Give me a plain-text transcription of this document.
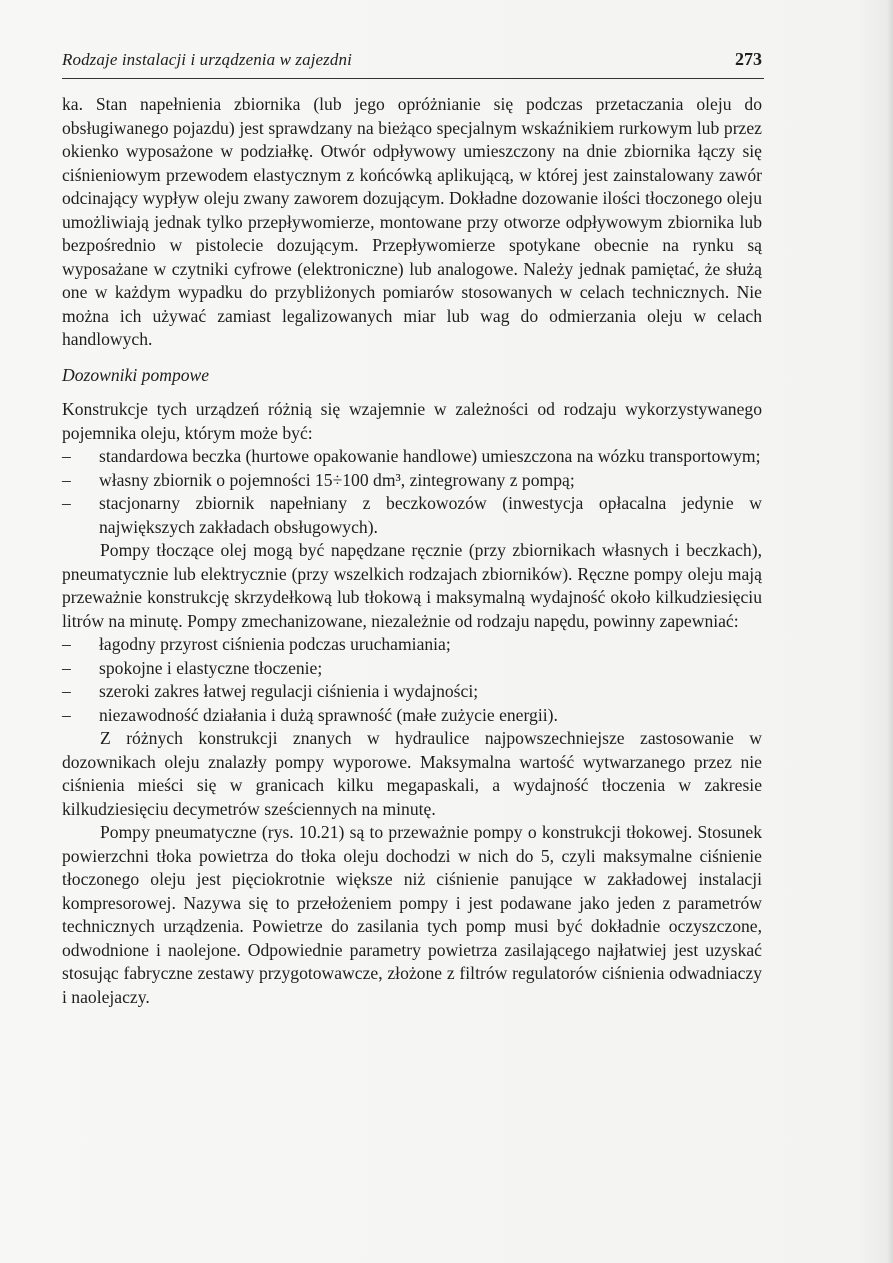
Rodzaje instalacji i urządzenia w zajezdni	273

ka. Stan napełnienia zbiornika (lub jego opróżnianie się podczas przetaczania oleju do obsługiwanego pojazdu) jest sprawdzany na bieżąco specjalnym wskaźnikiem rurkowym lub przez okienko wyposażone w podziałkę. Otwór odpływowy umieszczony na dnie zbiornika łączy się ciśnieniowym przewodem elastycznym z końcówką aplikującą, w której jest zainstalowany zawór odcinający wypływ oleju zwany zaworem dozującym. Dokładne dozowanie ilości tłoczonego oleju umożliwiają jednak tylko przepływomierze, montowane przy otworze odpływowym zbiornika lub bezpośrednio w pistolecie dozującym. Przepływomierze spotykane obecnie na rynku są wyposażane w czytniki cyfrowe (elektroniczne) lub analogowe. Należy jednak pamiętać, że służą one w każdym wypadku do przybliżonych pomiarów stosowanych w celach technicznych. Nie można ich używać zamiast legalizowanych miar lub wag do odmierzania oleju w celach handlowych.

Dozowniki pompowe

Konstrukcje tych urządzeń różnią się wzajemnie w zależności od rodzaju wykorzystywanego pojemnika oleju, którym może być:

– standardowa beczka (hurtowe opakowanie handlowe) umieszczona na wózku transportowym;
– własny zbiornik o pojemności 15÷100 dm³, zintegrowany z pompą;
– stacjonarny zbiornik napełniany z beczkowozów (inwestycja opłacalna jedynie w największych zakładach obsługowych).

Pompy tłoczące olej mogą być napędzane ręcznie (przy zbiornikach własnych i beczkach), pneumatycznie lub elektrycznie (przy wszelkich rodzajach zbiorników). Ręczne pompy oleju mają przeważnie konstrukcję skrzydełkową lub tłokową i maksymalną wydajność około kilkudziesięciu litrów na minutę. Pompy zmechanizowane, niezależnie od rodzaju napędu, powinny zapewniać:

– łagodny przyrost ciśnienia podczas uruchamiania;
– spokojne i elastyczne tłoczenie;
– szeroki zakres łatwej regulacji ciśnienia i wydajności;
– niezawodność działania i dużą sprawność (małe zużycie energii).

Z różnych konstrukcji znanych w hydraulice najpowszechniejsze zastosowanie w dozownikach oleju znalazły pompy wyporowe. Maksymalna wartość wytwarzanego przez nie ciśnienia mieści się w granicach kilku megapaskali, a wydajność tłoczenia w zakresie kilkudziesięciu decymetrów sześciennych na minutę.

Pompy pneumatyczne (rys. 10.21) są to przeważnie pompy o konstrukcji tłokowej. Stosunek powierzchni tłoka powietrza do tłoka oleju dochodzi w nich do 5, czyli maksymalne ciśnienie tłoczonego oleju jest pięciokrotnie większe niż ciśnienie panujące w zakładowej instalacji kompresorowej. Nazywa się to przełożeniem pompy i jest podawane jako jeden z parametrów technicznych urządzenia. Powietrze do zasilania tych pomp musi być dokładnie oczyszczone, odwodnione i naolejone. Odpowiednie parametry powietrza zasilającego najłatwiej jest uzyskać stosując fabryczne zestawy przygotowawcze, złożone z filtrów regulatorów ciśnienia odwadniaczy i naolejaczy.
